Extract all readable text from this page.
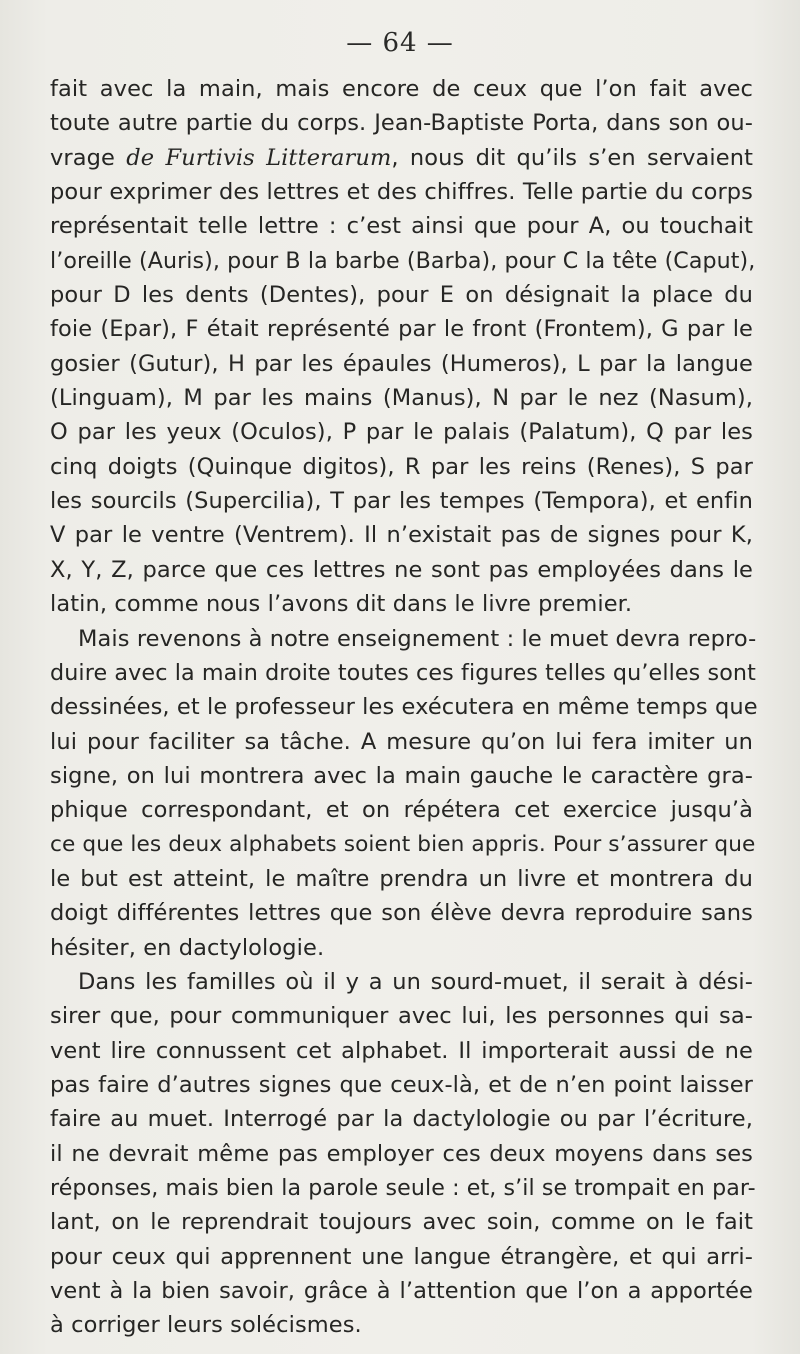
— 64 —
fait avec la main, mais encore de ceux que l’on fait avec
toute autre partie du corps. Jean-Baptiste Porta, dans son ou-
vrage de Furtivis Litterarum, nous dit qu’ils s’en servaient
pour exprimer des lettres et des chiffres. Telle partie du corps
représentait telle lettre : c’est ainsi que pour A, ou touchait
l’oreille (Auris), pour B la barbe (Barba), pour C la tête (Caput),
pour D les dents (Dentes), pour E on désignait la place du
foie (Epar), F était représenté par le front (Frontem), G par le
gosier (Gutur), H par les épaules (Humeros), L par la langue
(Linguam), M par les mains (Manus), N par le nez (Nasum),
O par les yeux (Oculos), P par le palais (Palatum), Q par les
cinq doigts (Quinque digitos), R par les reins (Renes), S par
les sourcils (Supercilia), T par les tempes (Tempora), et enfin
V par le ventre (Ventrem). Il n’existait pas de signes pour K,
X, Y, Z, parce que ces lettres ne sont pas employées dans le
latin, comme nous l’avons dit dans le livre premier.
Mais revenons à notre enseignement : le muet devra repro-
duire avec la main droite toutes ces figures telles qu’elles sont
dessinées, et le professeur les exécutera en même temps que
lui pour faciliter sa tâche. A mesure qu’on lui fera imiter un
signe, on lui montrera avec la main gauche le caractère gra-
phique correspondant, et on répétera cet exercice jusqu’à
ce que les deux alphabets soient bien appris. Pour s’assurer que
le but est atteint, le maître prendra un livre et montrera du
doigt différentes lettres que son élève devra reproduire sans
hésiter, en dactylologie.
Dans les familles où il y a un sourd-muet, il serait à dési-
sirer que, pour communiquer avec lui, les personnes qui sa-
vent lire connussent cet alphabet. Il importerait aussi de ne
pas faire d’autres signes que ceux-là, et de n’en point laisser
faire au muet. Interrogé par la dactylologie ou par l’écriture,
il ne devrait même pas employer ces deux moyens dans ses
réponses, mais bien la parole seule : et, s’il se trompait en par-
lant, on le reprendrait toujours avec soin, comme on le fait
pour ceux qui apprennent une langue étrangère, et qui arri-
vent à la bien savoir, grâce à l’attention que l’on a apportée
à corriger leurs solécismes.
